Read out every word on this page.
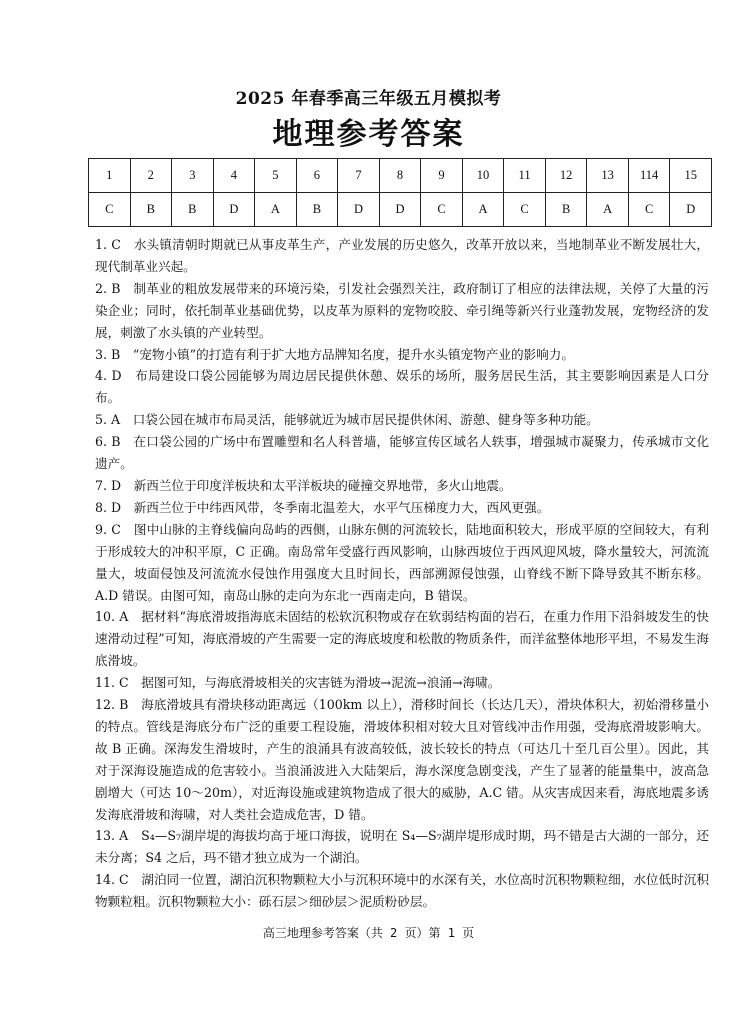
2025 年春季高三年级五月模拟考
地理参考答案
1	2	3	4	5	6	7	8	9	10	11	12	13	114	15
C	B	B	D	A	B	D	D	C	A	C	B	A	C	D

1. C　水头镇清朝时期就已从事皮革生产，产业发展的历史悠久，改革开放以来，当地制革业不断发展壮大，现代制革业兴起。

2. B　制革业的粗放发展带来的环境污染，引发社会强烈关注，政府制订了相应的法律法规，关停了大量的污染企业；同时，依托制革业基础优势，以皮革为原料的宠物咬胶、牵引绳等新兴行业蓬勃发展，宠物经济的发展，刺激了水头镇的产业转型。

3. B　“宠物小镇”的打造有利于扩大地方品牌知名度，提升水头镇宠物产业的影响力。

4. D　布局建设口袋公园能够为周边居民提供休憩、娱乐的场所，服务居民生活，其主要影响因素是人口分布。

5. A　口袋公园在城市布局灵活，能够就近为城市居民提供休闲、游憩、健身等多种功能。

6. B　在口袋公园的广场中布置雕塑和名人科普墙，能够宣传区域名人轶事，增强城市凝聚力，传承城市文化遗产。

7. D　新西兰位于印度洋板块和太平洋板块的碰撞交界地带，多火山地震。

8. D　新西兰位于中纬西风带，冬季南北温差大，水平气压梯度力大，西风更强。

9. C　图中山脉的主脊线偏向岛屿的西侧，山脉东侧的河流较长，陆地面积较大，形成平原的空间较大，有利于形成较大的冲积平原，C 正确。南岛常年受盛行西风影响，山脉西坡位于西风迎风坡，降水量较大，河流流量大，坡面侵蚀及河流流水侵蚀作用强度大且时间长，西部溯源侵蚀强，山脊线不断下降导致其不断东移。A.D 错误。由图可知，南岛山脉的走向为东北一西南走向，B 错误。

10. A　据材料“海底滑坡指海底未固结的松软沉积物或存在软弱结构面的岩石，在重力作用下沿斜坡发生的快速滑动过程”可知，海底滑坡的产生需要一定的海底坡度和松散的物质条件，而洋盆整体地形平坦，不易发生海底滑坡。

11. C　据图可知，与海底滑坡相关的灾害链为滑坡→泥流→浪涌→海啸。

12. B　海底滑坡具有滑块移动距离远（100km 以上），滑移时间长（长达几天），滑块体积大，初始滑移量小的特点。管线是海底分布广泛的重要工程设施，滑坡体积相对较大且对管线冲击作用强，受海底滑坡影响大。故 B 正确。深海发生滑坡时，产生的浪涌具有波高较低，波长较长的特点（可达几十至几百公里）。因此，其对于深海设施造成的危害较小。当浪涌波进入大陆架后，海水深度急剧变浅，产生了显著的能量集中，波高急剧增大（可达 10～20m），对近海设施或建筑物造成了很大的威胁，A.C 错。从灾害成因来看，海底地震多诱发海底滑坡和海啸，对人类社会造成危害，D 错。

13. A　S₄—S₇湖岸堤的海拔均高于垭口海拔，说明在 S₄—S₇湖岸堤形成时期，玛不错是古大湖的一部分，还未分离；S4 之后，玛不错才独立成为一个湖泊。

14. C　湖泊同一位置，湖泊沉积物颗粒大小与沉积环境中的水深有关，水位高时沉积物颗粒细，水位低时沉积物颗粒粗。沉积物颗粒大小：砾石层＞细砂层＞泥质粉砂层。

高三地理参考答案（共 2 页）第 1 页
